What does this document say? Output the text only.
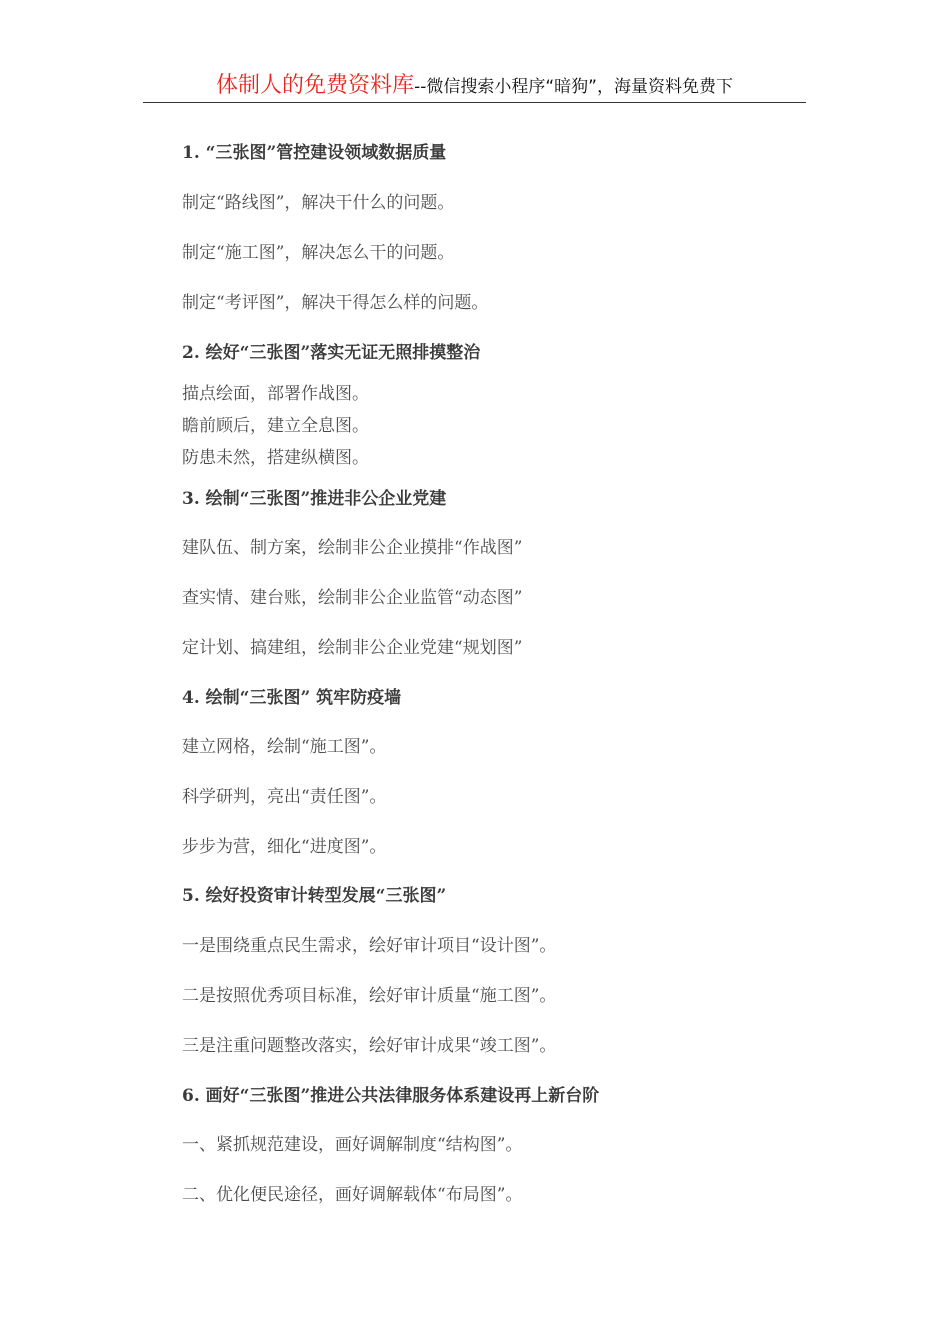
体制人的免费资料库--微信搜索小程序“暗狗”，海量资料免费下
1. “三张图”管控建设领域数据质量
制定“路线图”，解决干什么的问题。
制定“施工图”，解决怎么干的问题。
制定“考评图”，解决干得怎么样的问题。
2. 绘好“三张图”落实无证无照排摸整治
描点绘面，部署作战图。
瞻前顾后，建立全息图。
防患未然，搭建纵横图。
3. 绘制“三张图”推进非公企业党建
建队伍、制方案，绘制非公企业摸排“作战图”
查实情、建台账，绘制非公企业监管“动态图”
定计划、搞建组，绘制非公企业党建“规划图”
4. 绘制“三张图” 筑牢防疫墙
建立网格，绘制“施工图”。
科学研判，亮出“责任图”。
步步为营，细化“进度图”。
5. 绘好投资审计转型发展“三张图”
一是围绕重点民生需求，绘好审计项目“设计图”。
二是按照优秀项目标准，绘好审计质量“施工图”。
三是注重问题整改落实，绘好审计成果“竣工图”。
6. 画好“三张图”推进公共法律服务体系建设再上新台阶
一、紧抓规范建设，画好调解制度“结构图”。
二、优化便民途径，画好调解载体“布局图”。
